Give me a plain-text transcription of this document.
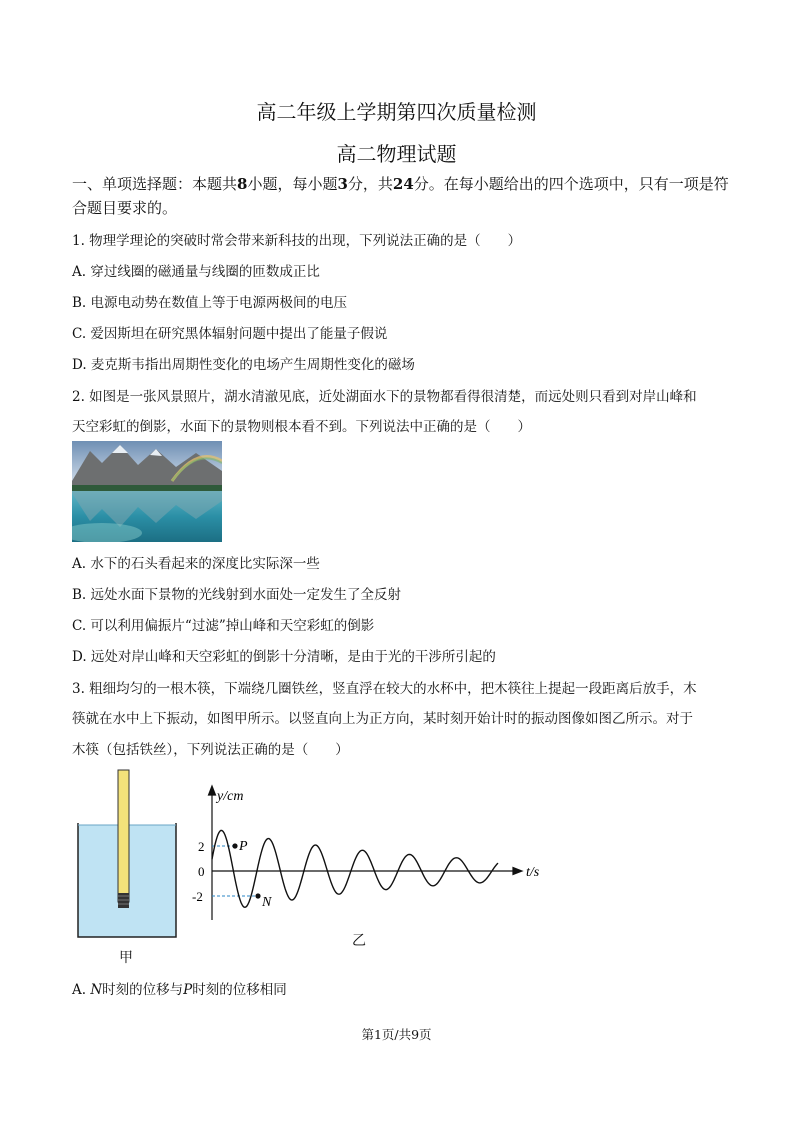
高二年级上学期第四次质量检测
高二物理试题
一、单项选择题：本题共8小题，每小题3分，共24分。在每小题给出的四个选项中，只有一项是符合题目要求的。
1. 物理学理论的突破时常会带来新科技的出现，下列说法正确的是（　　）
A. 穿过线圈的磁通量与线圈的匝数成正比
B. 电源电动势在数值上等于电源两极间的电压
C. 爱因斯坦在研究黑体辐射问题中提出了能量子假说
D. 麦克斯韦指出周期性变化的电场产生周期性变化的磁场
2. 如图是一张风景照片，湖水清澈见底，近处湖面水下的景物都看得很清楚，而远处则只看到对岸山峰和
天空彩虹的倒影，水面下的景物则根本看不到。下列说法中正确的是（　　）
A. 水下的石头看起来的深度比实际深一些
B. 远处水面下景物的光线射到水面处一定发生了全反射
C. 可以利用偏振片“过滤”掉山峰和天空彩虹的倒影
D. 远处对岸山峰和天空彩虹的倒影十分清晰，是由于光的干涉所引起的
3. 粗细均匀的一根木筷，下端绕几圈铁丝，竖直浮在较大的水杯中，把木筷往上提起一段距离后放手，木
筷就在水中上下振动，如图甲所示。以竖直向上为正方向，某时刻开始计时的振动图像如图乙所示。对于
木筷（包括铁丝），下列说法正确的是（　　）
甲
y/cm
t/s
2
0
-2
P
N
乙
A. N时刻的位移与P时刻的位移相同
第1页/共9页
